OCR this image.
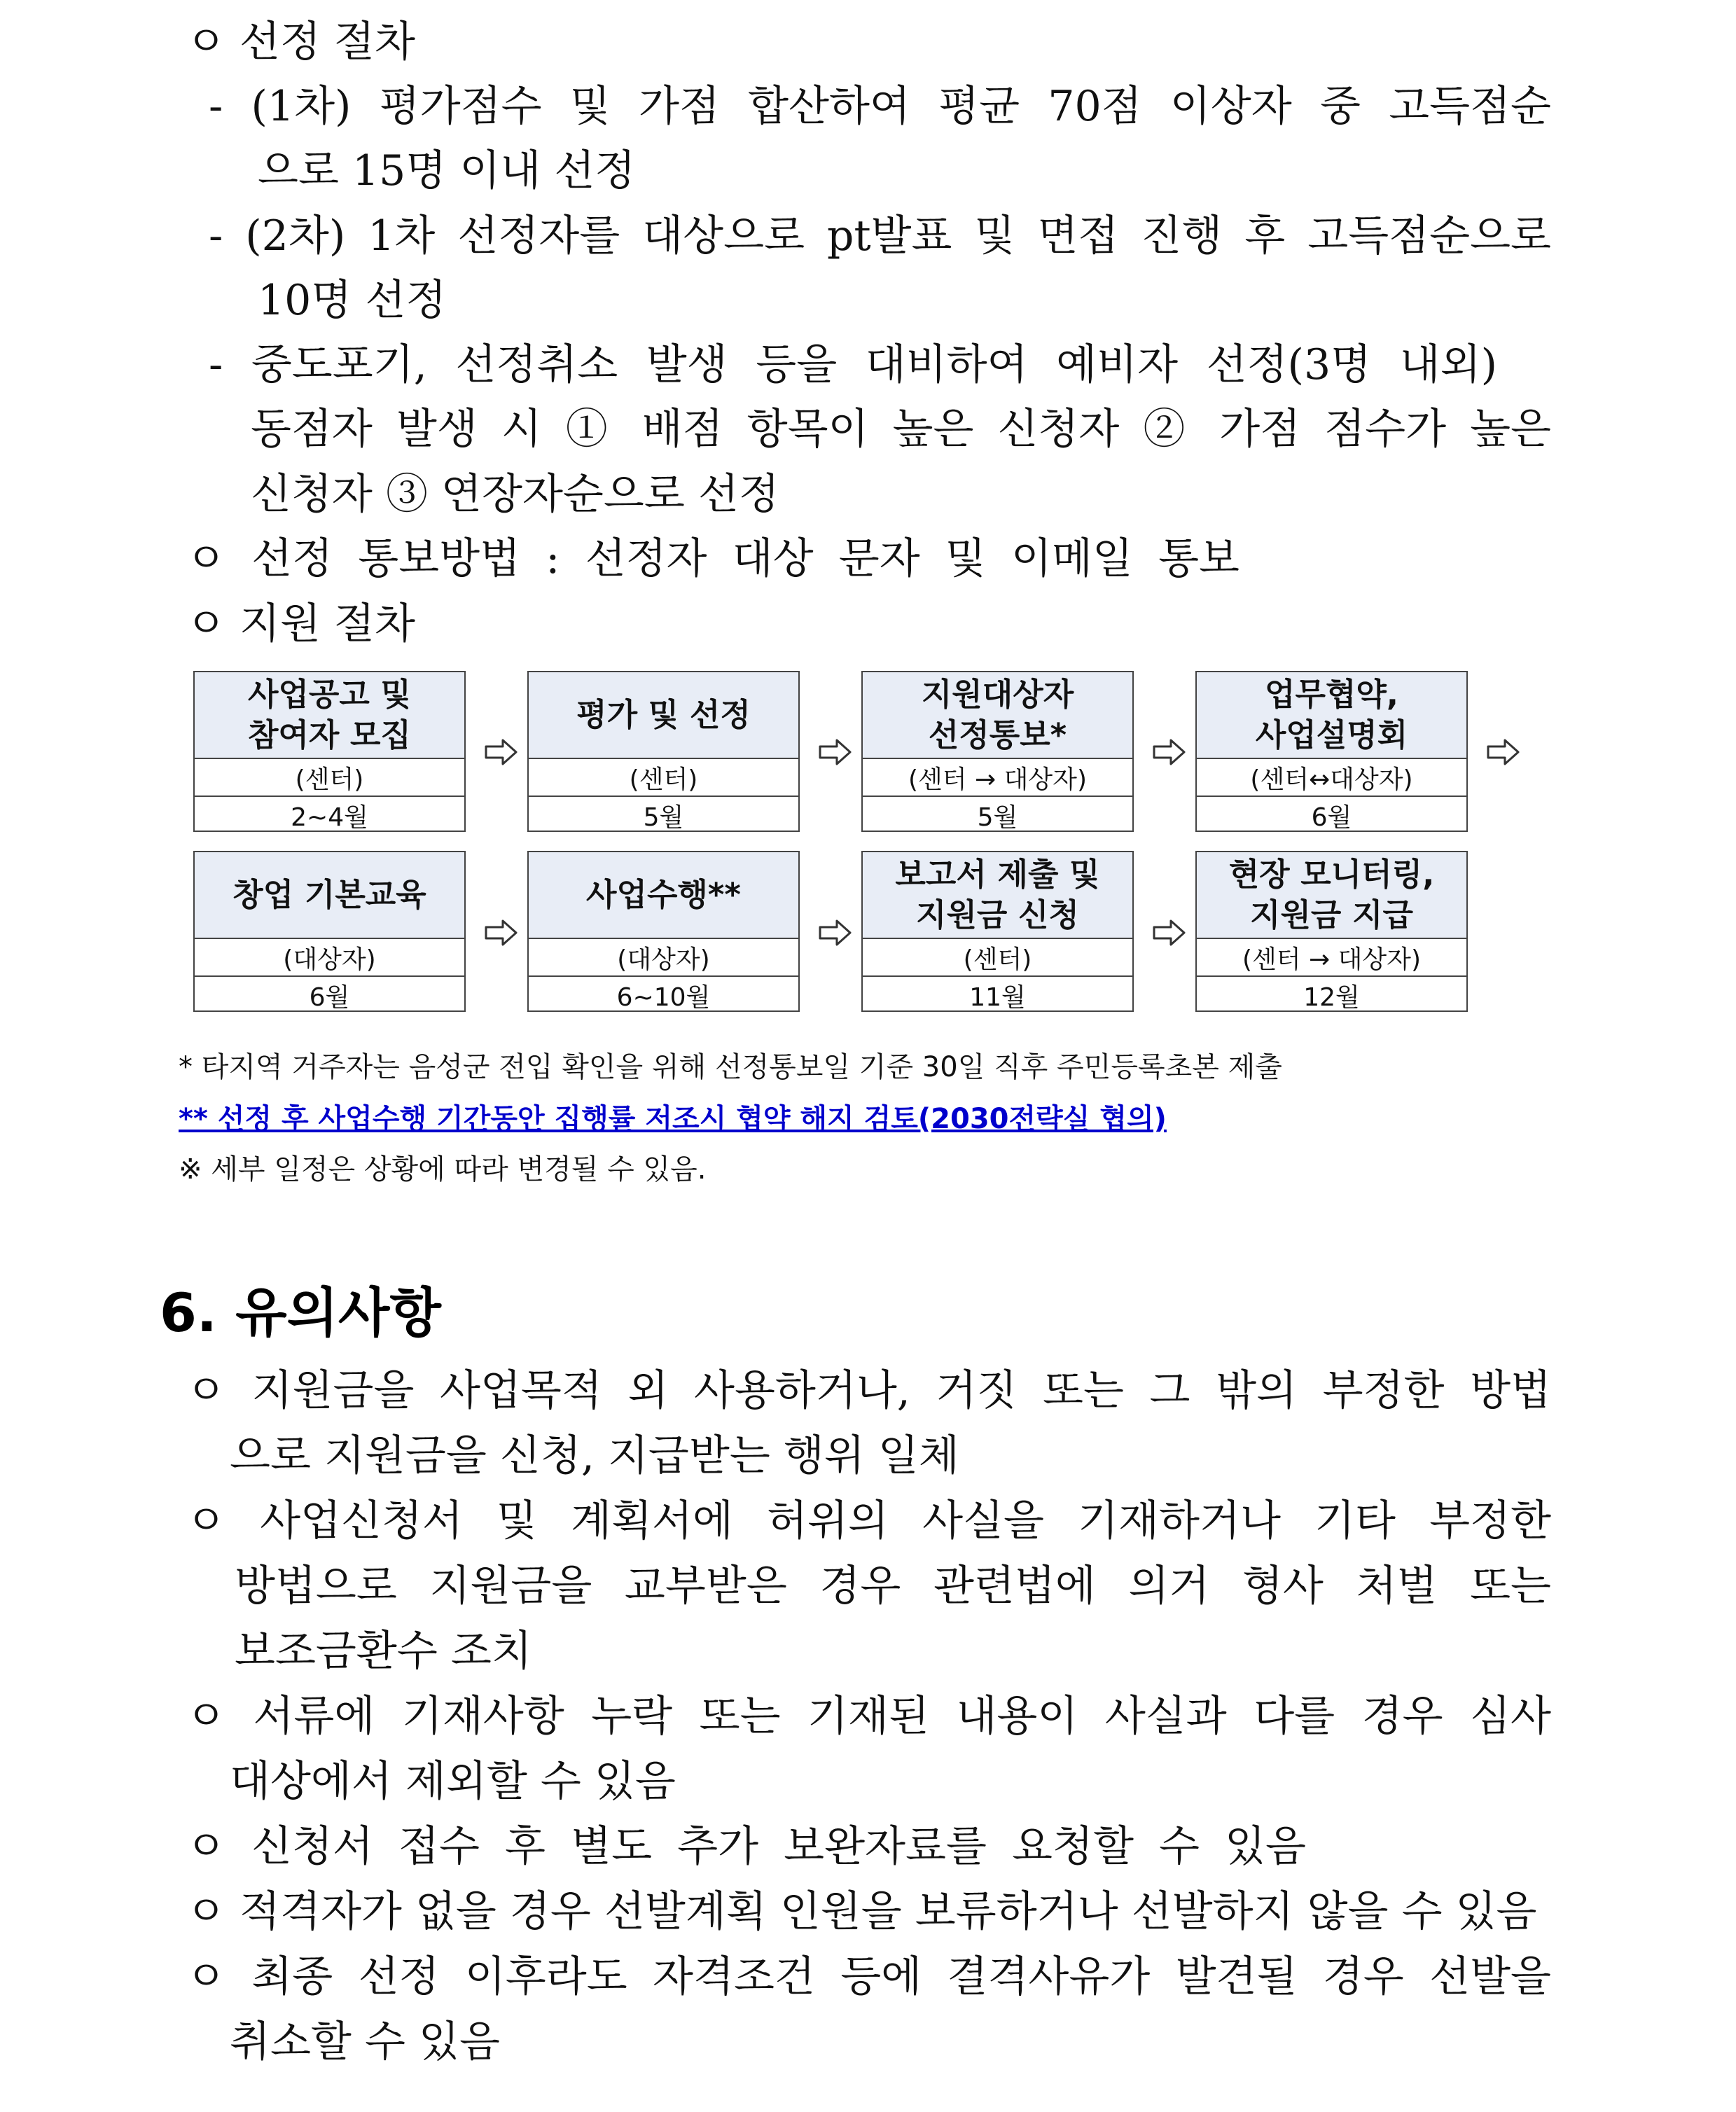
ㅇ 선정 절차
- (1차) 평가점수 및 가점 합산하여 평균 70점 이상자 중 고득점순
으로 15명 이내 선정
- (2차) 1차 선정자를 대상으로 pt발표 및 면접 진행 후 고득점순으로
10명 선정
- 중도포기, 선정취소 발생 등을 대비하여 예비자 선정(3명 내외)
동점자 발생 시 ① 배점 항목이 높은 신청자 ② 가점 점수가 높은
신청자 ③ 연장자순으로 선정
ㅇ 선정 통보방법 : 선정자 대상 문자 및 이메일 통보
ㅇ 지원 절차
사업공고 및
참여자 모집
(센터)
2~4월
평가 및 선정
(센터)
5월
지원대상자
선정통보*
(센터 → 대상자)
5월
업무협약,
사업설명회
(센터↔대상자)
6월
창업 기본교육
(대상자)
6월
사업수행**
(대상자)
6~10월
보고서 제출 및
지원금 신청
(센터)
11월
현장 모니터링,
지원금 지급
(센터 → 대상자)
12월
* 타지역 거주자는 음성군 전입 확인을 위해 선정통보일 기준 30일 직후 주민등록초본 제출
** 선정 후 사업수행 기간동안 집행률 저조시 협약 해지 검토(2030전략실 협의)
※ 세부 일정은 상황에 따라 변경될 수 있음.
6. 유의사항
ㅇ 지원금을 사업목적 외 사용하거나, 거짓 또는 그 밖의 부정한 방법
으로 지원금을 신청, 지급받는 행위 일체
ㅇ 사업신청서 및 계획서에 허위의 사실을 기재하거나 기타 부정한
방법으로 지원금을 교부받은 경우 관련법에 의거 형사 처벌 또는
보조금환수 조치
ㅇ 서류에 기재사항 누락 또는 기재된 내용이 사실과 다를 경우 심사
대상에서 제외할 수 있음
ㅇ 신청서 접수 후 별도 추가 보완자료를 요청할 수 있음
ㅇ 적격자가 없을 경우 선발계획 인원을 보류하거나 선발하지 않을 수 있음
ㅇ 최종 선정 이후라도 자격조건 등에 결격사유가 발견될 경우 선발을
취소할 수 있음
